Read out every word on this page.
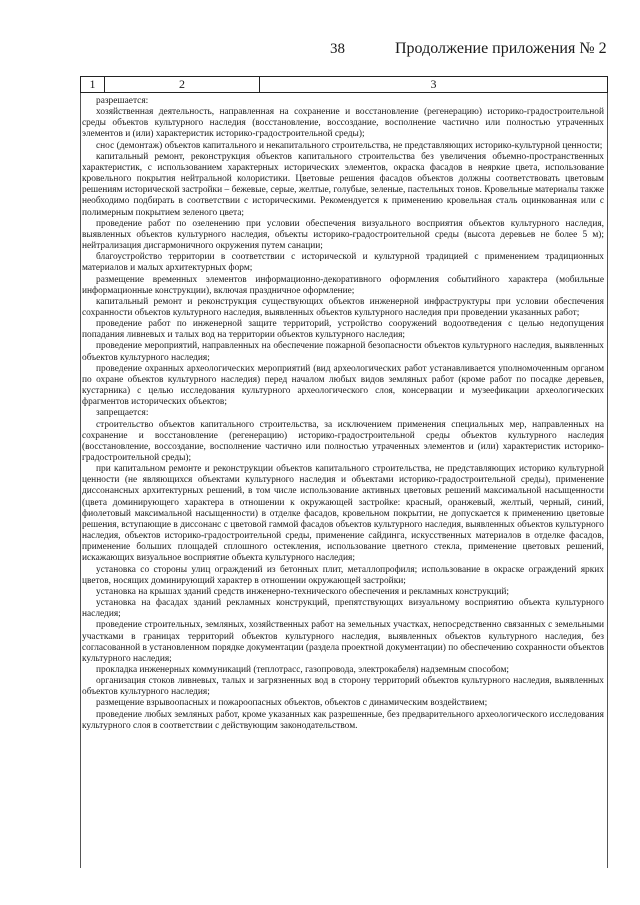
38	Продолжение приложения № 2
1	2	3

разрешается:

хозяйственная деятельность, направленная на сохранение и восстановление (регенерацию) историко-градостроительной среды объектов культурного наследия (восстановление, воссоздание, восполнение частично или полностью утраченных элементов и (или) характеристик историко-градостроительной среды);

снос (демонтаж) объектов капитального и некапитального строительства, не представляющих историко-культурной ценности;

капитальный ремонт, реконструкция объектов капитального строительства без увеличения объемно-пространственных характеристик, с использованием характерных исторических элементов, окраска фасадов в неяркие цвета, использование кровельного покрытия нейтральной колористики. Цветовые решения фасадов объектов должны соответствовать цветовым решениям исторической застройки – бежевые, серые, желтые, голубые, зеленые, пастельных тонов. Кровельные материалы также необходимо подбирать в соответствии с историческими. Рекомендуется к применению кровельная сталь оцинкованная или с полимерным покрытием зеленого цвета;

проведение работ по озеленению при условии обеспечения визуального восприятия объектов культурного наследия, выявленных объектов культурного наследия, объекты историко-градостроительной среды (высота деревьев не более 5 м); нейтрализация дисгармоничного окружения путем санации;

благоустройство территории в соответствии с исторической и культурной традицией с применением традиционных материалов и малых архитектурных форм;

размещение временных элементов информационно-декоративного оформления событийного характера (мобильные информационные конструкции), включая праздничное оформление;

капитальный ремонт и реконструкция существующих объектов инженерной инфраструктуры при условии обеспечения сохранности объектов культурного наследия, выявленных объектов культурного наследия при проведении указанных работ;

проведение работ по инженерной защите территорий, устройство сооружений водоотведения с целью недопущения попадания ливневых и талых вод на территории объектов культурного наследия;

проведение мероприятий, направленных на обеспечение пожарной безопасности объектов культурного наследия, выявленных объектов культурного наследия;

проведение охранных археологических мероприятий (вид археологических работ устанавливается уполномоченным органом по охране объектов культурного наследия) перед началом любых видов земляных работ (кроме работ по посадке деревьев, кустарника) с целью исследования культурного археологического слоя, консервации и музеефикации археологических фрагментов исторических объектов;

запрещается:

строительство объектов капитального строительства, за исключением применения специальных мер, направленных на сохранение и восстановление (регенерацию) историко-градостроительной среды объектов культурного наследия (восстановление, воссоздание, восполнение частично или полностью утраченных элементов и (или) характеристик историко-градостроительной среды);

при капитальном ремонте и реконструкции объектов капитального строительства, не представляющих историко культурной ценности (не являющихся объектами культурного наследия и объектами историко-градостроительной среды), применение диссонансных архитектурных решений, в том числе использование активных цветовых решений максимальной насыщенности (цвета доминирующего характера в отношении к окружающей застройке: красный, оранжевый, желтый, черный, синий, фиолетовый максимальной насыщенности) в отделке фасадов, кровельном покрытии, не допускается к применению цветовые решения, вступающие в диссонанс с цветовой гаммой фасадов объектов культурного наследия, выявленных объектов культурного наследия, объектов историко-градостроительной среды, применение сайдинга, искусственных материалов в отделке фасадов, применение больших площадей сплошного остекления, использование цветного стекла, применение цветовых решений, искажающих визуальное восприятие объекта культурного наследия;

установка со стороны улиц ограждений из бетонных плит, металлопрофиля; использование в окраске ограждений ярких цветов, носящих доминирующий характер в отношении окружающей застройки;

установка на крышах зданий средств инженерно-технического обеспечения и рекламных конструкций;

установка на фасадах зданий рекламных конструкций, препятствующих визуальному восприятию объекта культурного наследия;

проведение строительных, земляных, хозяйственных работ на земельных участках, непосредственно связанных с земельными участками в границах территорий объектов культурного наследия, выявленных объектов культурного наследия, без согласованной в установленном порядке документации (раздела проектной документации) по обеспечению сохранности объектов культурного наследия;

прокладка инженерных коммуникаций (теплотрасс, газопровода, электрокабеля) надземным способом;

организация стоков ливневых, талых и загрязненных вод в сторону территорий объектов культурного наследия, выявленных объектов культурного наследия;

размещение взрывоопасных и пожароопасных объектов, объектов с динамическим воздействием;

проведение любых земляных работ, кроме указанных как разрешенные, без предварительного археологического исследования культурного слоя в соответствии с действующим законодательством.
